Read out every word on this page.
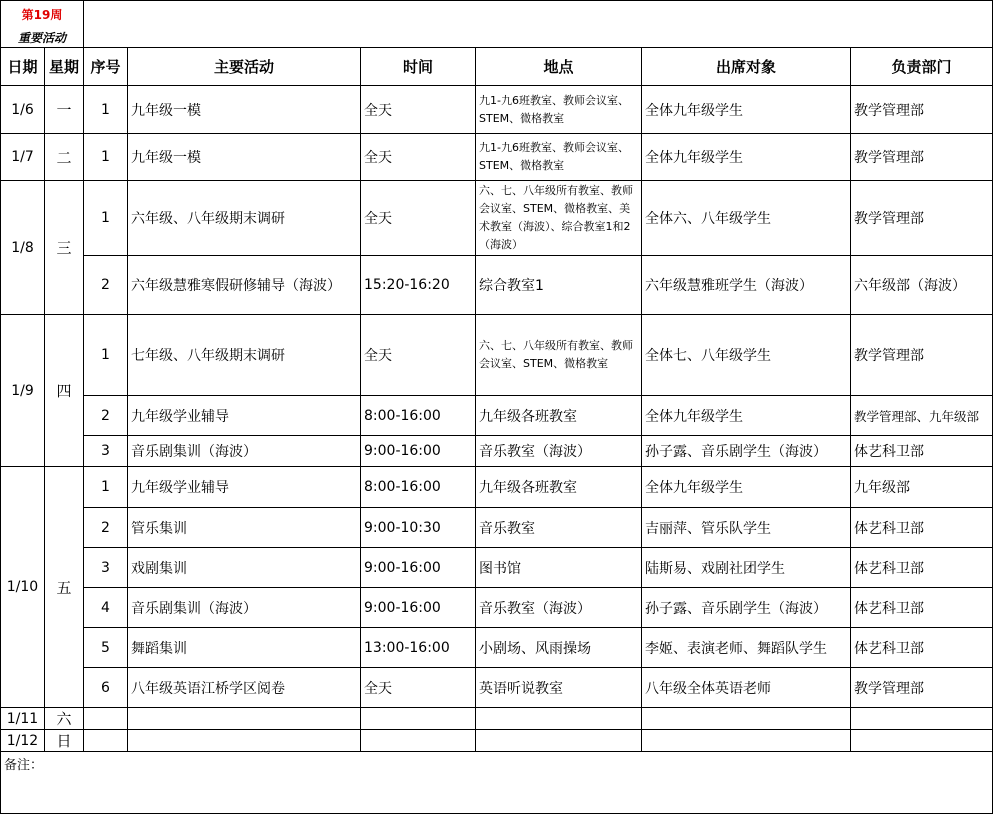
第19周
重要活动							

日期	星期	序号	主要活动	时间	地点	出席对象	负责部门
1/6	一	1	九年级一模	全天	九1-九6班教室、教师会议室、STEM、微格教室	全体九年级学生	教学管理部
1/7	二	1	九年级一模	全天	九1-九6班教室、教师会议室、STEM、微格教室	全体九年级学生	教学管理部
1/8	三	1	六年级、八年级期末调研	全天	六、七、八年级所有教室、教师会议室、STEM、微格教室、美术教室（海波）、综合教室1和2（海波）	全体六、八年级学生	教学管理部
		2	六年级慧雅寒假研修辅导（海波）	15:20-16:20	综合教室1	六年级慧雅班学生（海波）	六年级部（海波）
1/9	四	1	七年级、八年级期末调研	全天	六、七、八年级所有教室、教师会议室、STEM、微格教室	全体七、八年级学生	教学管理部
		2	九年级学业辅导	8:00-16:00	九年级各班教室	全体九年级学生	教学管理部、九年级部
		3	音乐剧集训（海波）	9:00-16:00	音乐教室（海波）	孙子露、音乐剧学生（海波）	体艺科卫部
1/10	五	1	九年级学业辅导	8:00-16:00	九年级各班教室	全体九年级学生	九年级部
		2	管乐集训	9:00-10:30	音乐教室	吉丽萍、管乐队学生	体艺科卫部
		3	戏剧集训	9:00-16:00	图书馆	陆斯易、戏剧社团学生	体艺科卫部
		4	音乐剧集训（海波）	9:00-16:00	音乐教室（海波）	孙子露、音乐剧学生（海波）	体艺科卫部
		5	舞蹈集训	13:00-16:00	小剧场、风雨操场	李姬、表演老师、舞蹈队学生	体艺科卫部
		6	八年级英语江桥学区阅卷	全天	英语听说教室	八年级全体英语老师	教学管理部
1/11	六						
1/12	日						
备注：							
